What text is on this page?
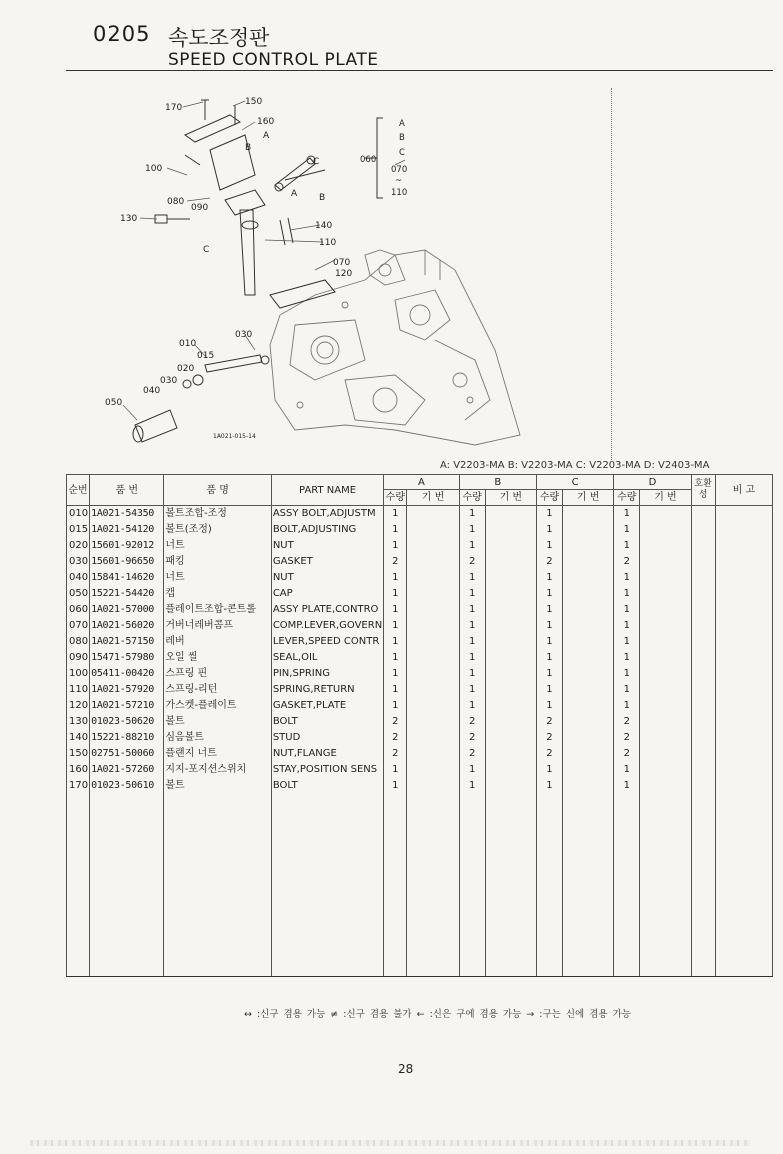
0205 속도조정판
SPEED CONTROL PLATE
170
150
160
A
B
100
080
090
130
C
140
110
070
120
A B
C
010
030
015
020
030
040
050
1A021-015-14
A
B
C
070
~
110
060
A: V2203-MA B: V2203-MA C: V2203-MA D: V2403-MA
순번	품 번	품 명	PART NAME	A		B		C		D		호환성	비 고
				수량	기 번	수량	기 번	수량	기 번	수량	기 번		
010	1A021-54350	볼트조합-조정	ASSY BOLT,ADJUSTM	1		1		1		1			
015	1A021-54120	볼트(조정)	BOLT,ADJUSTING	1		1		1		1			
020	15601-92012	너트	NUT	1		1		1		1			
030	15601-96650	패킹	GASKET	2		2		2		2			
040	15841-14620	너트	NUT	1		1		1		1			
050	15221-54420	캡	CAP	1		1		1		1			
060	1A021-57000	플레이트조합-콘트롤	ASSY PLATE,CONTRO	1		1		1		1			
070	1A021-56020	거버너레버콤프	COMP.LEVER,GOVERN	1		1		1		1			
080	1A021-57150	레버	LEVER,SPEED CONTR	1		1		1		1			
090	15471-57980	오일 씰	SEAL,OIL	1		1		1		1			
100	05411-00420	스프링 핀	PIN,SPRING	1		1		1		1			
110	1A021-57920	스프링-리턴	SPRING,RETURN	1		1		1		1			
120	1A021-57210	가스켓-플레이트	GASKET,PLATE	1		1		1		1			
130	01023-50620	볼트	BOLT	2		2		2		2			
140	15221-88210	심음볼트	STUD	2		2		2		2			
150	02751-50060	플랜지 너트	NUT,FLANGE	2		2		2		2			
160	1A021-57260	지지-포지션스위치	STAY,POSITION SENS	1		1		1		1			
170	01023-50610	볼트	BOLT	1		1		1		1			

↔ :신구 겸용 가능 ≠ :신구 겸용 불가 ← :신은 구에 겸용 가능 → :구는 신에 겸용 가능
28
